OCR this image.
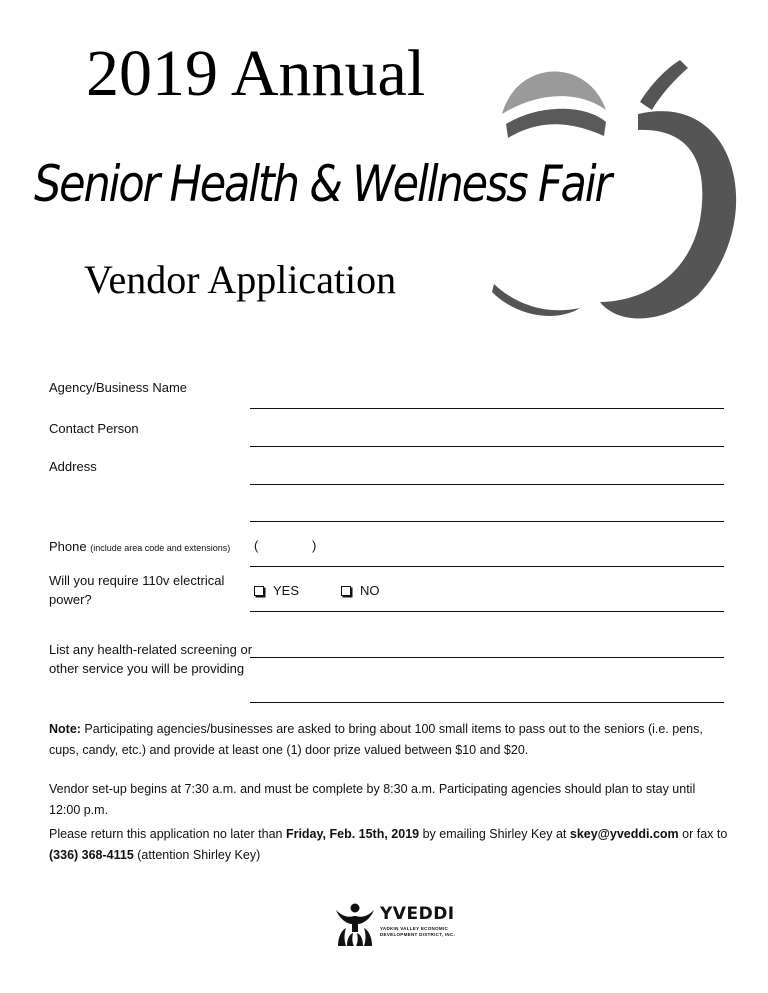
2019 Annual
Senior Health & Wellness Fair
Vendor Application
Agency/Business Name
Contact Person
Address
Phone (include area code and extensions) (	)
Will you require 110v electrical
power?
YES	NO
List any health-related screening or
other service you will be providing
Note: Participating agencies/businesses are asked to bring about 100 small items to pass out to the seniors (i.e. pens,
cups, candy, etc.) and provide at least one (1) door prize valued between $10 and $20.
Vendor set-up begins at 7:30 a.m. and must be complete by 8:30 a.m. Participating agencies should plan to stay until
12:00 p.m.
Please return this application no later than Friday, Feb. 15th, 2019 by emailing Shirley Key at skey@yveddi.com or fax to
(336) 368-4115 (attention Shirley Key)
YVEDDI
YADKIN VALLEY ECONOMIC DEVELOPMENT DISTRICT, INC.
